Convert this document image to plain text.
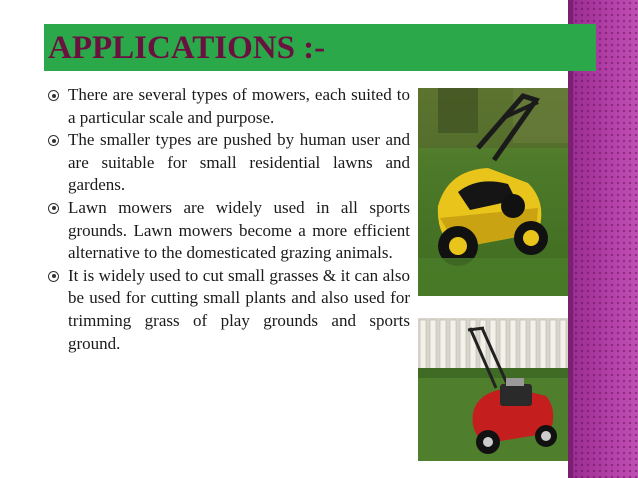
APPLICATIONS :-
There are several types of mowers, each suited to a particular scale and purpose.
The smaller types are pushed by human user and are suitable for small residential lawns and gardens.
Lawn mowers are widely used in all sports grounds. Lawn mowers become a more efficient alternative to the domesticated grazing animals.
It is widely used to cut small grasses & it can also be used for cutting small plants and also used for trimming grass of play grounds and sports ground.
